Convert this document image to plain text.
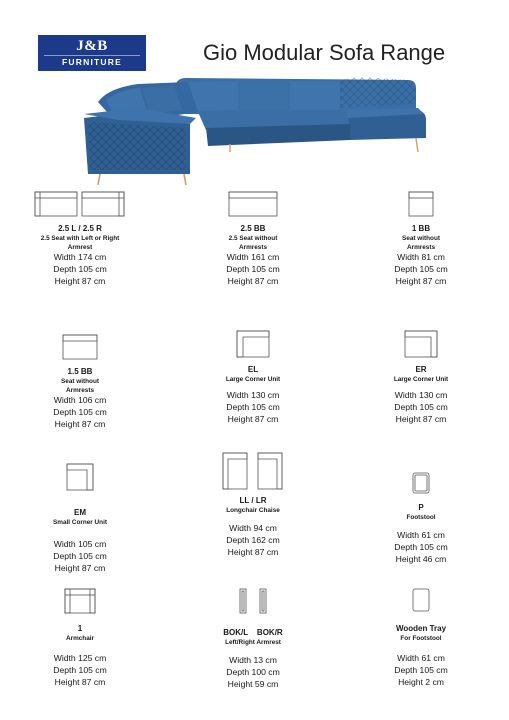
J&B
FURNITURE	Gio Modular Sofa Range
2.5 L / 2.5 R
2.5 Seat with Left or Right Armrest
Width 174 cm
Depth 105 cm
Height 87 cm
2.5 BB
2.5 Seat without Armrests
Width 161 cm
Depth 105 cm
Height 87 cm
1 BB
Seat without Armrests
Width 81 cm
Depth 105 cm
Height 87 cm
1.5 BB
Seat without Armrests
Width 106 cm
Depth 105 cm
Height 87 cm
EL
Large Corner Unit
Width 130 cm
Depth 105 cm
Height 87 cm
ER
Large Corner Unit
Width 130 cm
Depth 105 cm
Height 87 cm
EM
Small Corner Unit
Width 105 cm
Depth 105 cm
Height 87 cm
LL / LR
Longchair Chaise
Width 94 cm
Depth 162 cm
Height 87 cm
P
Footstool
Width 61 cm
Depth 105 cm
Height 46 cm
1
Armchair
Width 125 cm
Depth 105 cm
Height 87 cm
BOK/L    BOK/R
Left/Right Armrest
Width 13 cm
Depth 100 cm
Height 59 cm
Wooden Tray
For Footstool
Width 61 cm
Depth 105 cm
Height 2 cm
